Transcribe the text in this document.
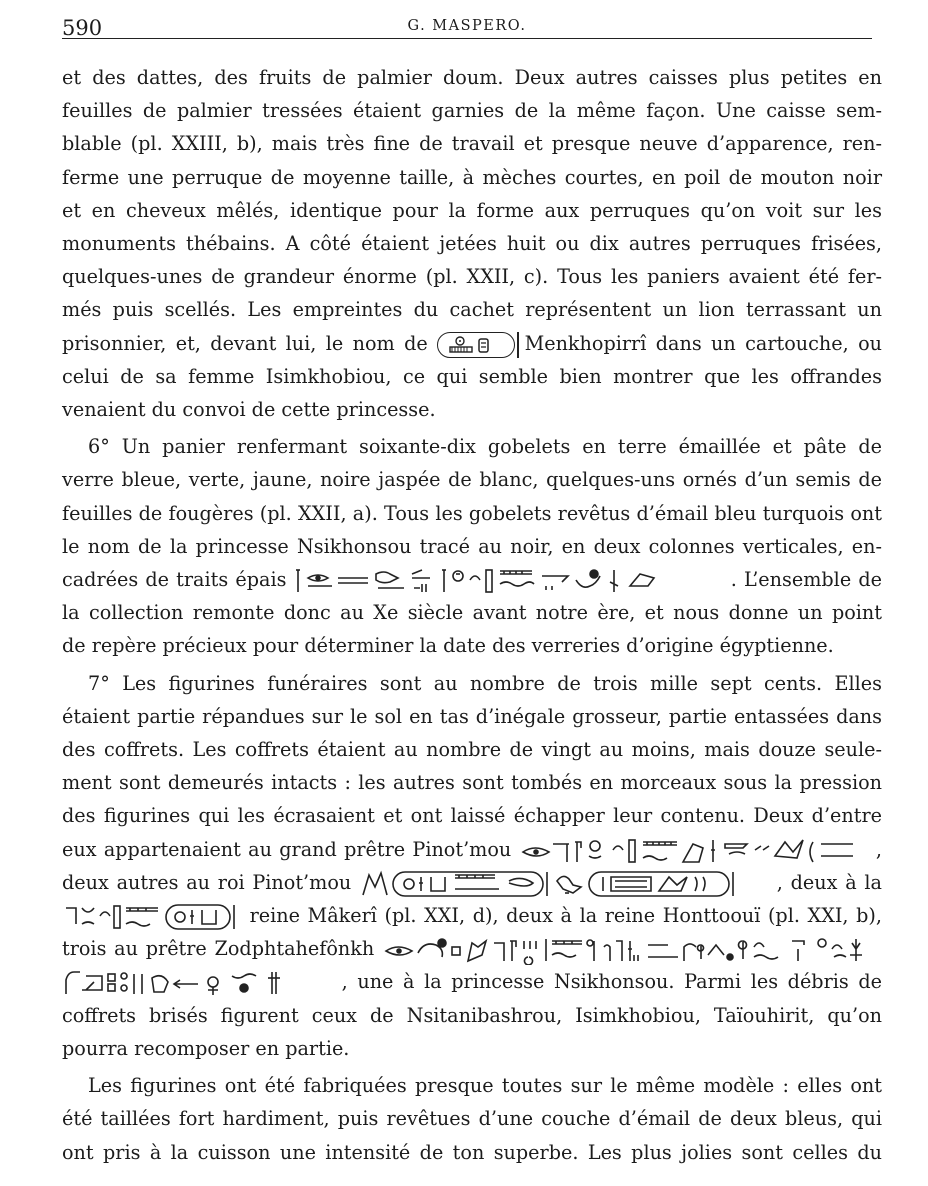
590	G. MASPERO.
et des dattes, des fruits de palmier doum. Deux autres caisses plus petites en
feuilles de palmier tressées étaient garnies de la même façon. Une caisse sem-
blable (pl. XXIII, b), mais très fine de travail et presque neuve d’apparence, ren-
ferme une perruque de moyenne taille, à mèches courtes, en poil de mouton noir
et en cheveux mêlés, identique pour la forme aux perruques qu’on voit sur les
monuments thébains. A côté étaient jetées huit ou dix autres perruques frisées,
quelques-unes de grandeur énorme (pl. XXII, c). Tous les paniers avaient été fer-
més puis scellés. Les empreintes du cachet représentent un lion terrassant un
prisonnier, et, devant lui, le nom de	Menkhopirrî dans un cartouche, ou
celui de sa femme Isimkhobiou, ce qui semble bien montrer que les offrandes
venaient du convoi de cette princesse.
6° Un panier renfermant soixante-dix gobelets en terre émaillée et pâte de
verre bleue, verte, jaune, noire jaspée de blanc, quelques-uns ornés d’un semis de
feuilles de fougères (pl. XXII, a). Tous les gobelets revêtus d’émail bleu turquois ont
le nom de la princesse Nsikhonsou tracé au noir, en deux colonnes verticales, en-
cadrées de traits épais	. L’ensemble de
la collection remonte donc au Xe siècle avant notre ère, et nous donne un point
de repère précieux pour déterminer la date des verreries d’origine égyptienne.
7° Les figurines funéraires sont au nombre de trois mille sept cents. Elles
étaient partie répandues sur le sol en tas d’inégale grosseur, partie entassées dans
des coffrets. Les coffrets étaient au nombre de vingt au moins, mais douze seule-
ment sont demeurés intacts : les autres sont tombés en morceaux sous la pression
des figurines qui les écrasaient et ont laissé échapper leur contenu. Deux d’entre
eux appartenaient au grand prêtre Pinot’mou	,
deux autres au roi Pinot’mou	, deux à la
reine Mâkerî (pl. XXI, d), deux à la reine Honttoouï (pl. XXI, b),
trois au prêtre Zodphtahefônkh
, une à la princesse Nsikhonsou. Parmi les débris de
coffrets brisés figurent ceux de Nsitanibashrou, Isimkhobiou, Taïouhirit, qu’on
pourra recomposer en partie.
Les figurines ont été fabriquées presque toutes sur le même modèle : elles ont
été taillées fort hardiment, puis revêtues d’une couche d’émail de deux bleus, qui
ont pris à la cuisson une intensité de ton superbe. Les plus jolies sont celles du
